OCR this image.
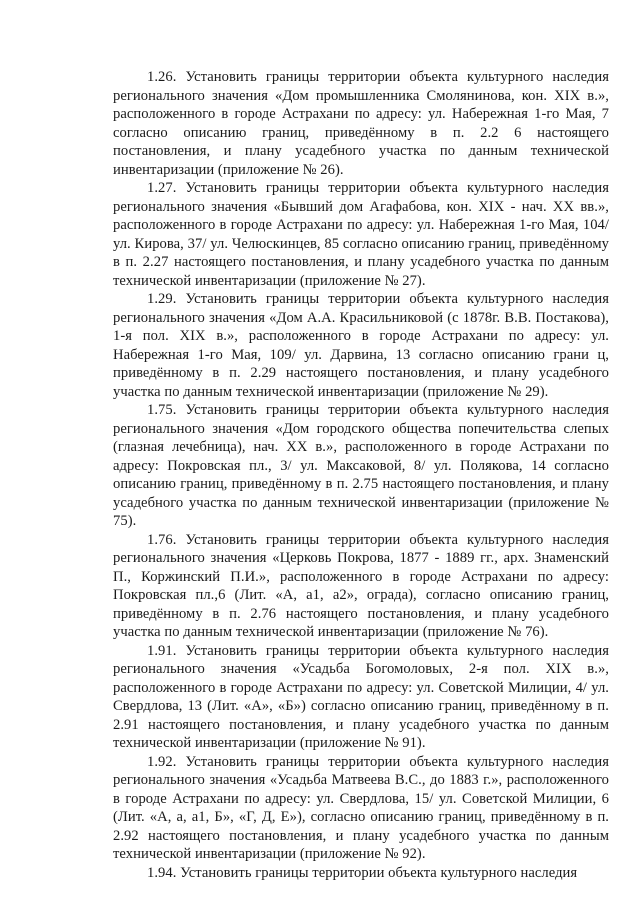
1.26. Установить границы территории объекта культурного наследия регионального значения «Дом промышленника Смолянинова, кон. XIX в.», расположенного в городе Астрахани по адресу: ул. Набережная 1-го Мая, 7 согласно описанию границ, приведённому в п. 2.2 6 настоящего постановления, и плану усадебного участка по данным технической инвентаризации (приложение № 26).

1.27. Установить границы территории объекта культурного наследия регионального значения «Бывший дом Агафабова, кон. XIX - нач. XX вв.», расположенного в городе Астрахани по адресу: ул. Набережная 1-го Мая, 104/ ул. Кирова, 37/ ул. Челюскинцев, 85 согласно описанию границ, приведённому в п. 2.27 настоящего постановления, и плану усадебного участка по данным технической инвентаризации (приложение № 27).

1.29. Установить границы территории объекта культурного наследия регионального значения «Дом А.А. Красильниковой (с 1878г. В.В. Постакова), 1-я пол. XIX в.», расположенного в городе Астрахани по адресу: ул. Набережная 1-го Мая, 109/ ул. Дарвина, 13 согласно описанию грани ц, приведённому в п. 2.29 настоящего постановления, и плану усадебного участка по данным технической инвентаризации (приложение № 29).

1.75. Установить границы территории объекта культурного наследия регионального значения «Дом городского общества попечительства слепых (глазная лечебница), нач. XX в.», расположенного в городе Астрахани по адресу: Покровская пл., 3/ ул. Максаковой, 8/ ул. Полякова, 14 согласно описанию границ, приведённому в п. 2.75 настоящего постановления, и плану усадебного участка по данным технической инвентаризации (приложение № 75).

1.76. Установить границы территории объекта культурного наследия регионального значения «Церковь Покрова, 1877 - 1889 гг., арх. Знаменский П., Коржинский П.И.», расположенного в городе Астрахани по адресу: Покровская пл.,6 (Лит. «А, а1, а2», ограда), согласно описанию границ, приведённому в п. 2.76 настоящего постановления, и плану усадебного участка по данным технической инвентаризации (приложение № 76).

1.91. Установить границы территории объекта культурного наследия регионального значения «Усадьба Богомоловых, 2-я пол. XIX в.», расположенного в городе Астрахани по адресу: ул. Советской Милиции, 4/ ул. Свердлова, 13 (Лит. «А», «Б») согласно описанию границ, приведённому в п. 2.91 настоящего постановления, и плану усадебного участка по данным технической инвентаризации (приложение № 91).

1.92. Установить границы территории объекта культурного наследия регионального значения «Усадьба Матвеева В.С., до 1883 г.», расположенного в городе Астрахани по адресу: ул. Свердлова, 15/ ул. Советской Милиции, 6 (Лит. «А, а, а1, Б», «Г, Д, Е»), согласно описанию границ, приведённому в п. 2.92 настоящего постановления, и плану усадебного участка по данным технической инвентаризации (приложение № 92).

1.94. Установить границы территории объекта культурного наследия
